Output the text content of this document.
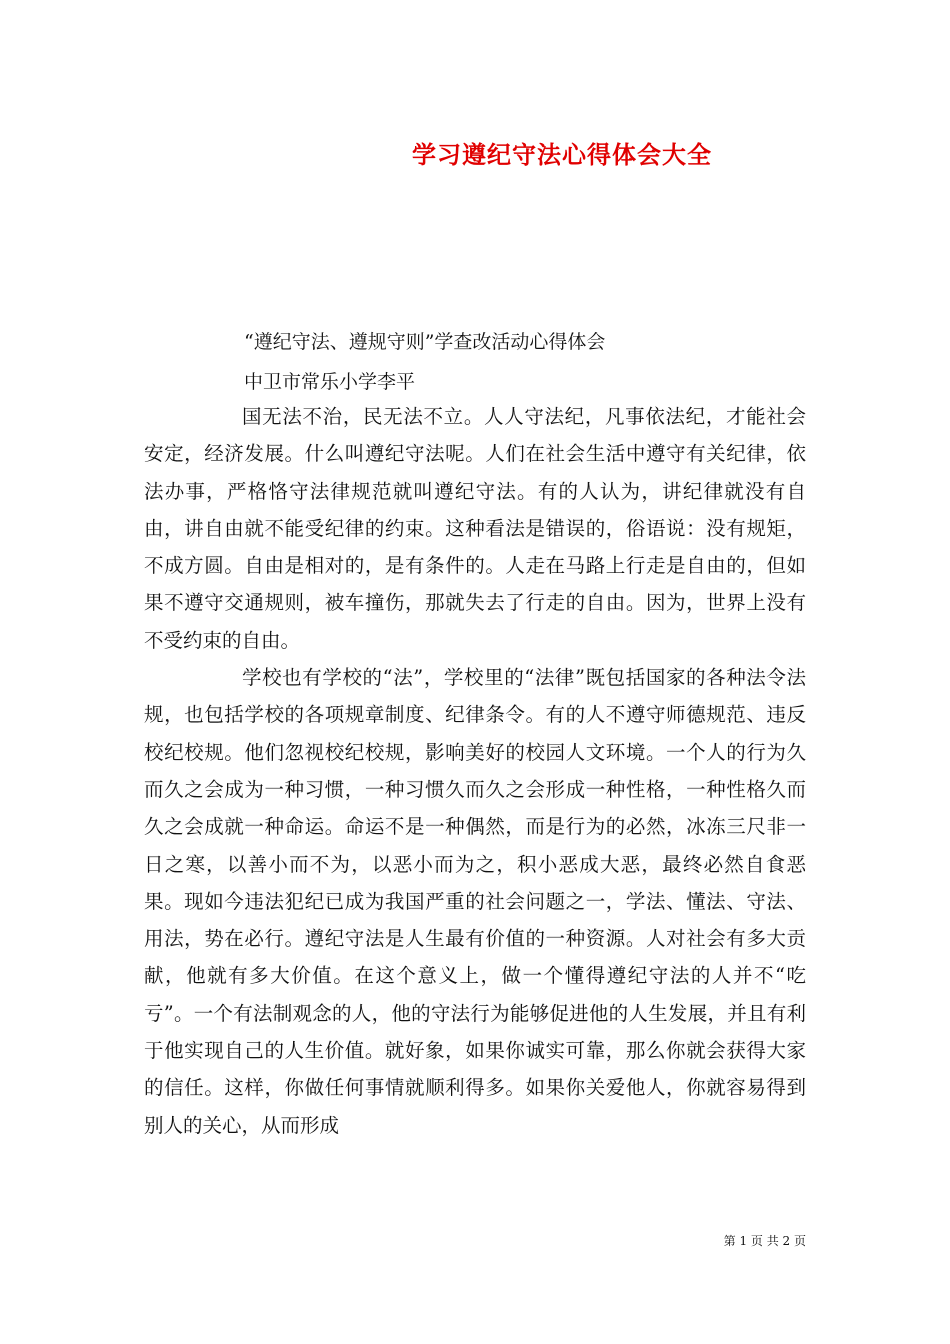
学习遵纪守法心得体会大全
“遵纪守法、遵规守则”学查改活动心得体会
中卫市常乐小学李平

国无法不治，民无法不立。人人守法纪，凡事依法纪，才能社会安定，经济发展。什么叫遵纪守法呢。人们在社会生活中遵守有关纪律，依法办事，严格恪守法律规范就叫遵纪守法。有的人认为，讲纪律就没有自由，讲自由就不能受纪律的约束。这种看法是错误的，俗语说：没有规矩，不成方圆。自由是相对的，是有条件的。人走在马路上行走是自由的，但如果不遵守交通规则，被车撞伤，那就失去了行走的自由。因为，世界上没有不受约束的自由。

学校也有学校的“法”，学校里的“法律”既包括国家的各种法令法规，也包括学校的各项规章制度、纪律条令。有的人不遵守师德规范、违反校纪校规。他们忽视校纪校规，影响美好的校园人文环境。一个人的行为久而久之会成为一种习惯，一种习惯久而久之会形成一种性格，一种性格久而久之会成就一种命运。命运不是一种偶然，而是行为的必然，冰冻三尺非一日之寒，以善小而不为，以恶小而为之，积小恶成大恶，最终必然自食恶果。现如今违法犯纪已成为我国严重的社会问题之一，学法、懂法、守法、用法，势在必行。遵纪守法是人生最有价值的一种资源。人对社会有多大贡献，他就有多大价值。在这个意义上，做一个懂得遵纪守法的人并不“吃亏”。一个有法制观念的人，他的守法行为能够促进他的人生发展，并且有利于他实现自己的人生价值。就好象，如果你诚实可靠，那么你就会获得大家的信任。这样，你做任何事情就顺利得多。如果你关爱他人，你就容易得到别人的关心，从而形成

第 1 页 共 2 页
